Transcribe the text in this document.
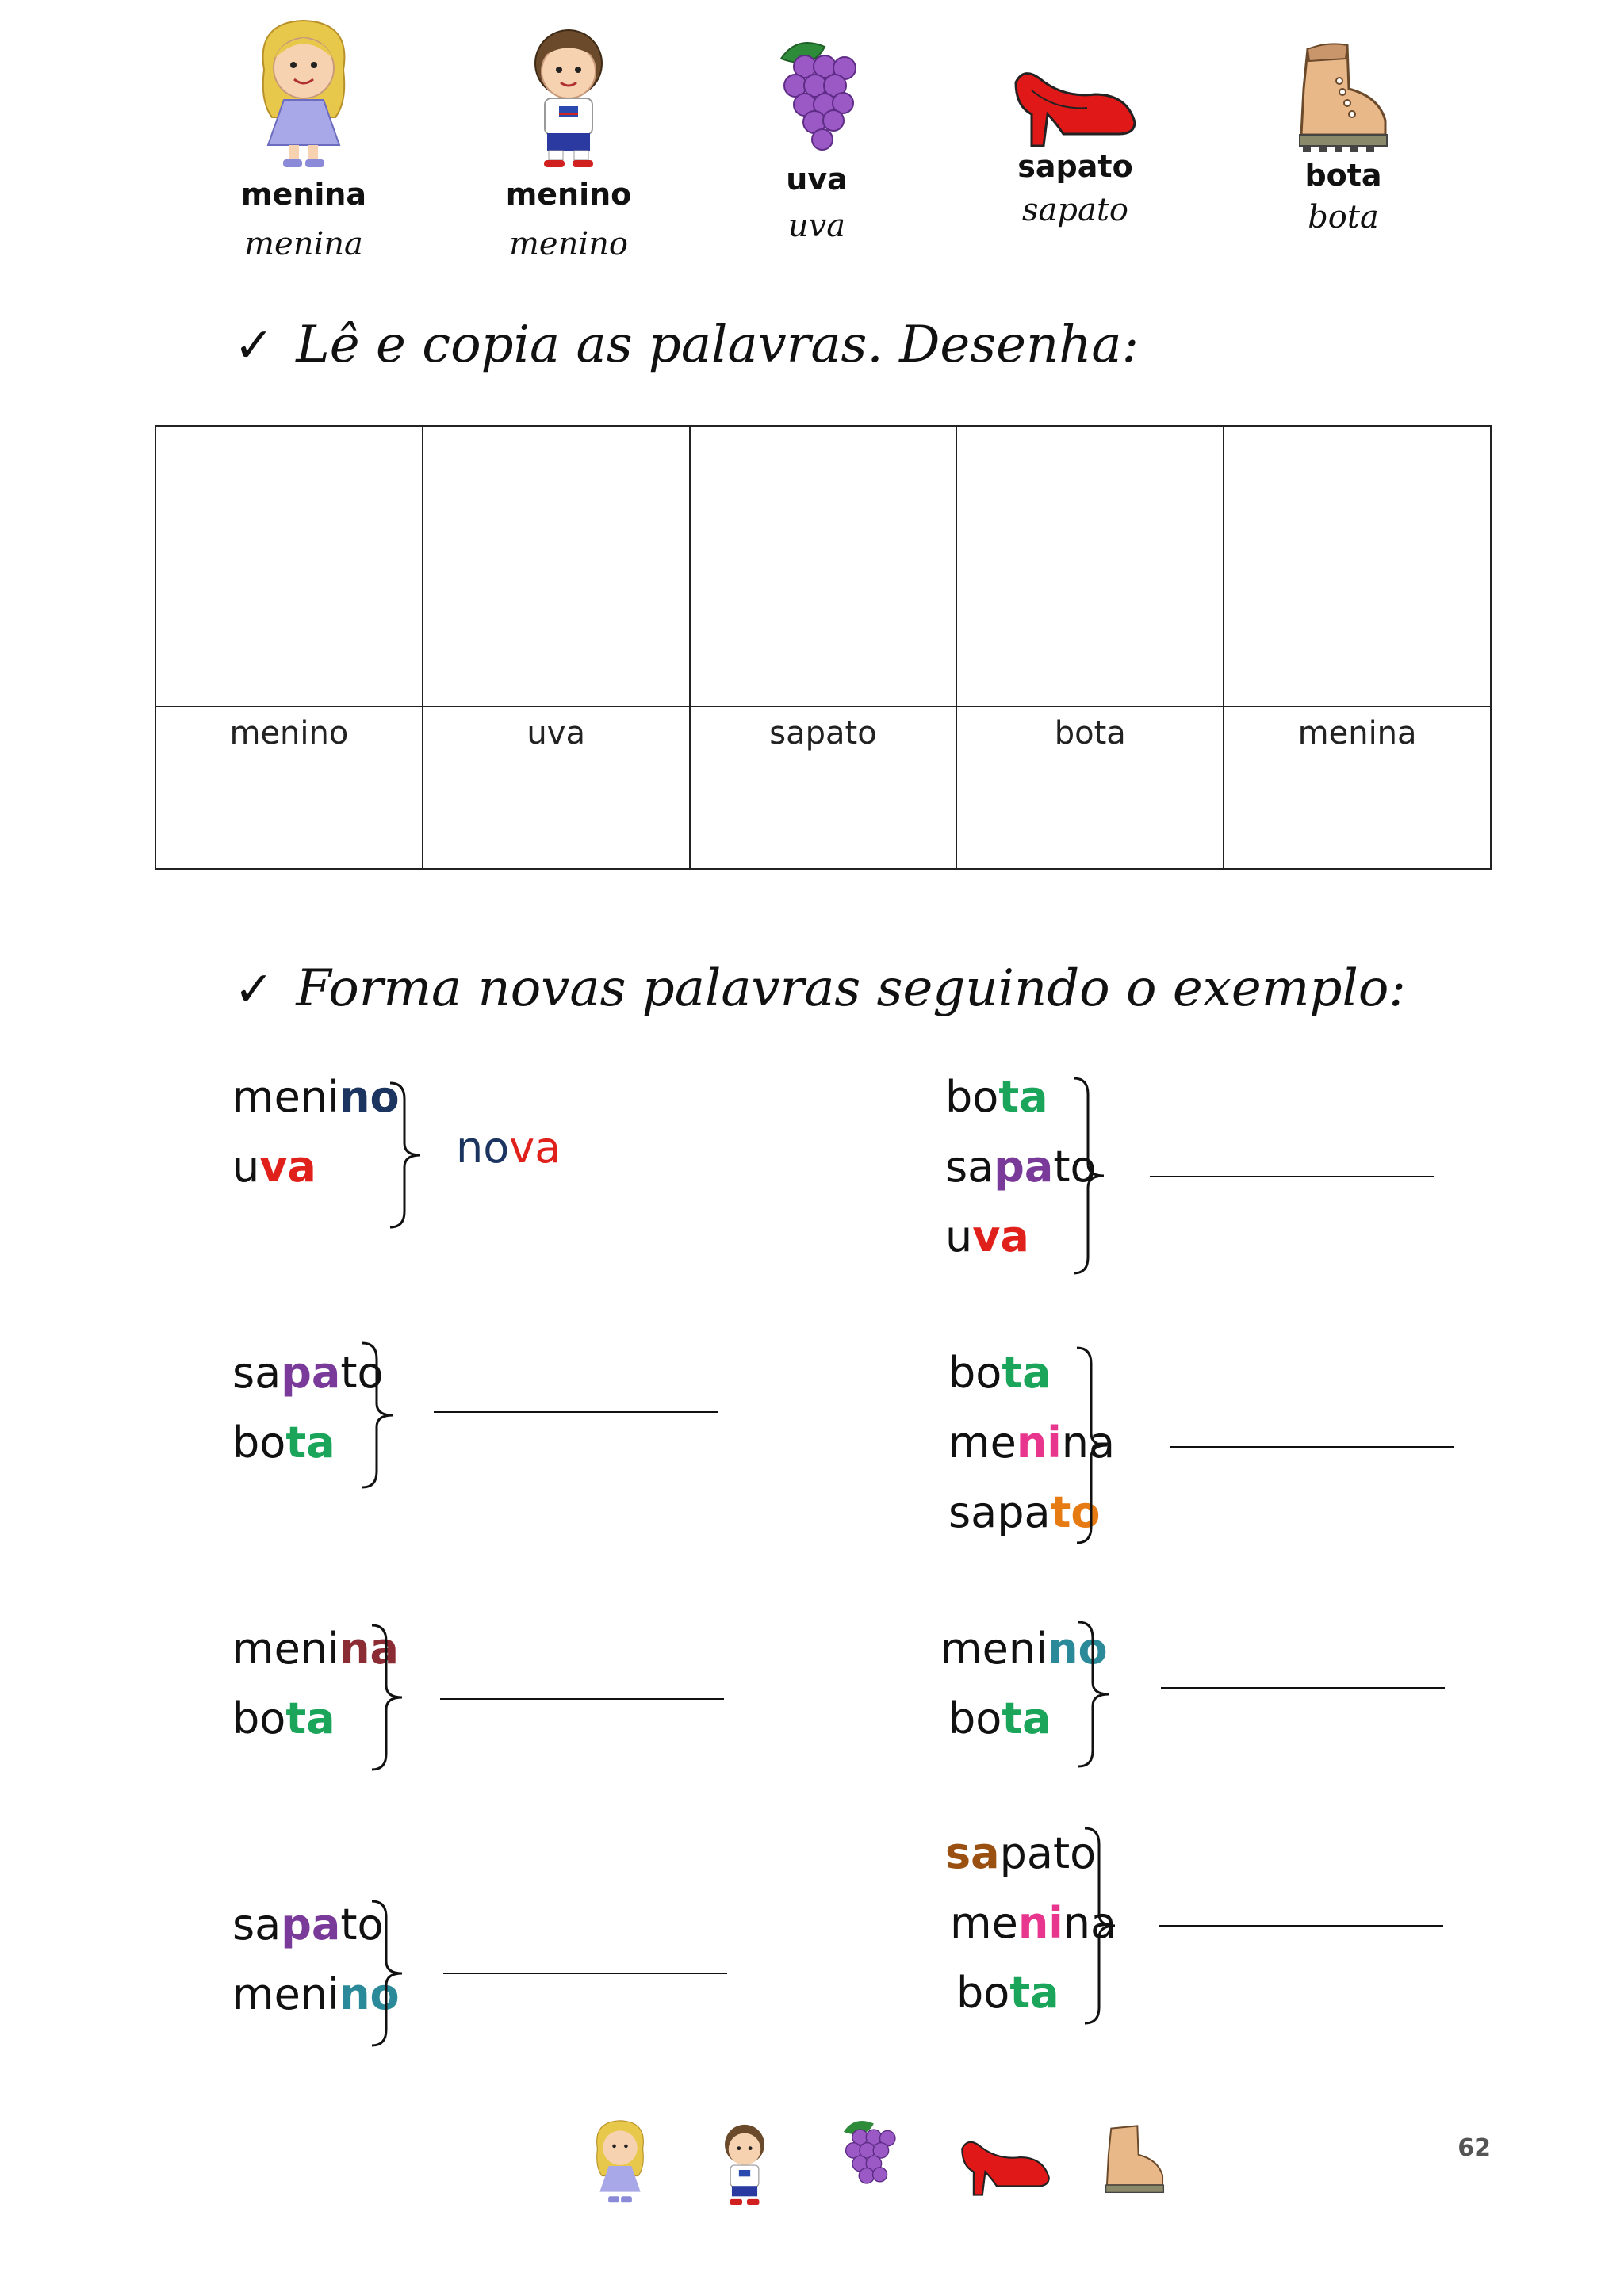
menina
menina
menino
menino
uva
uva
sapato
sapato
bota
bota
✓ Lê e copia as palavras. Desenha:

menino	uva	sapato	bota	menina
✓ Forma novas palavras seguindo o exemplo:
menino
uva	nova
bota
sapato
uva
sapato
bota
bota
menina
sapato
menina
bota
menino
bota
sapato
menino
sapato
menina
bota
62
